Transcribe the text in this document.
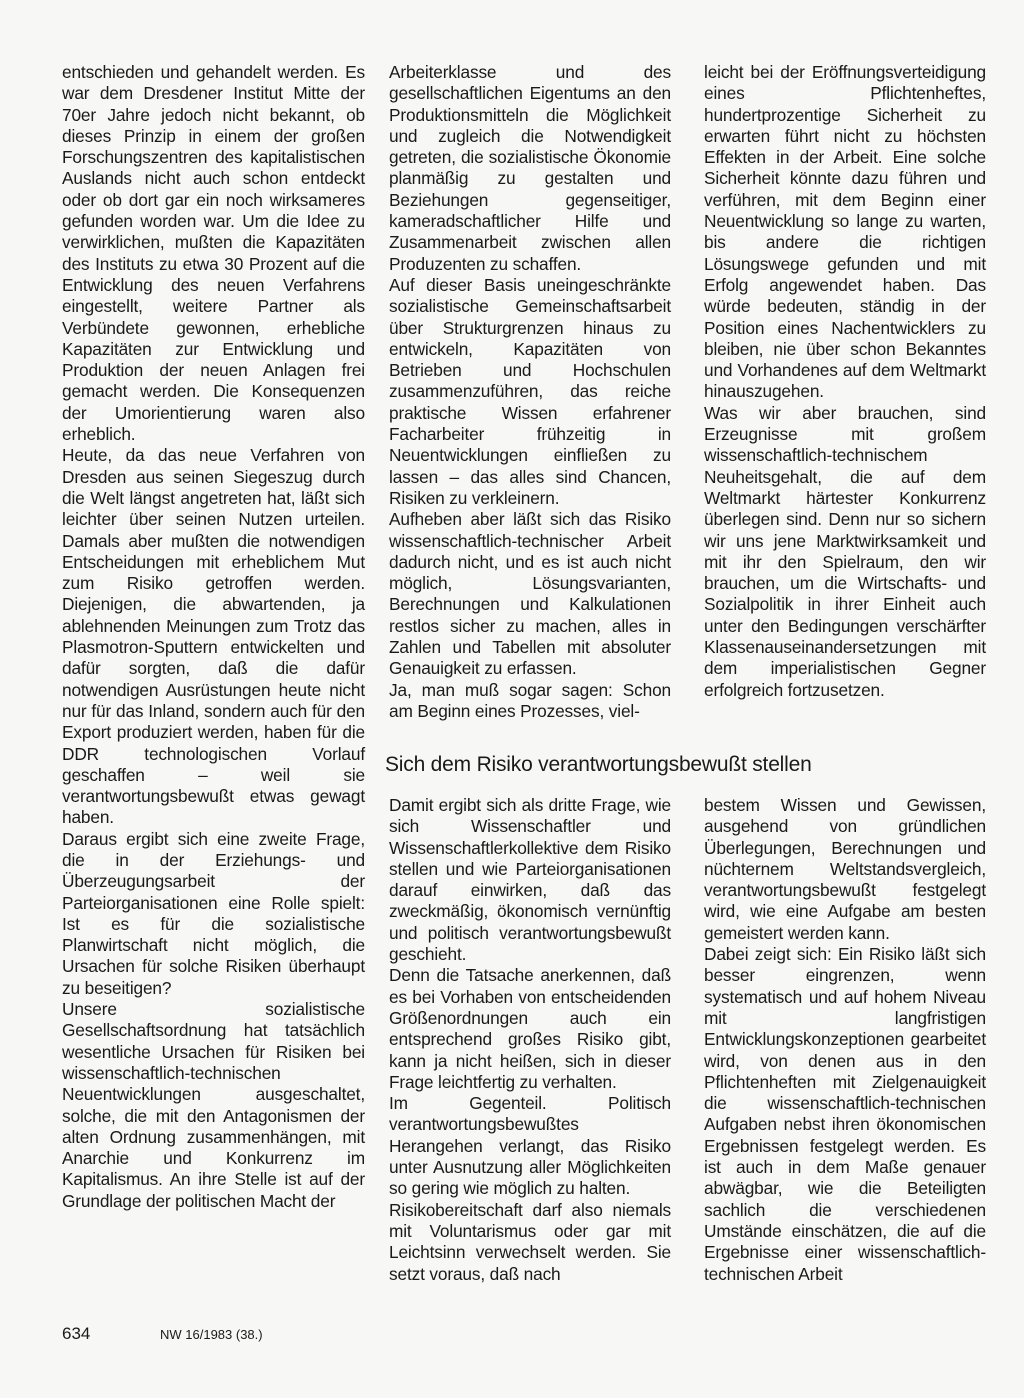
entschieden und gehandelt werden. Es war dem Dresdener Institut Mitte der 70er Jahre jedoch nicht bekannt, ob dieses Prinzip in einem der großen Forschungszentren des kapitalistischen Auslands nicht auch schon entdeckt oder ob dort gar ein noch wirksameres gefunden worden war. Um die Idee zu verwirklichen, mußten die Kapazitäten des Instituts zu etwa 30 Prozent auf die Entwicklung des neuen Verfahrens eingestellt, weitere Partner als Verbündete gewonnen, erhebliche Kapazitäten zur Entwicklung und Produktion der neuen Anlagen frei gemacht werden. Die Konsequenzen der Umorientierung waren also erheblich.

Heute, da das neue Verfahren von Dresden aus seinen Siegeszug durch die Welt längst angetreten hat, läßt sich leichter über seinen Nutzen urteilen. Damals aber mußten die notwendigen Entscheidungen mit erheblichem Mut zum Risiko getroffen werden. Diejenigen, die abwartenden, ja ablehnenden Meinungen zum Trotz das Plasmotron-Sputtern entwickelten und dafür sorgten, daß die dafür notwendigen Ausrüstungen heute nicht nur für das Inland, sondern auch für den Export produziert werden, haben für die DDR technologischen Vorlauf geschaffen – weil sie verantwortungsbewußt etwas gewagt haben.

Daraus ergibt sich eine zweite Frage, die in der Erziehungs- und Überzeugungsarbeit der Parteiorganisationen eine Rolle spielt: Ist es für die sozialistische Planwirtschaft nicht möglich, die Ursachen für solche Risiken überhaupt zu beseitigen?

Unsere sozialistische Gesellschaftsordnung hat tatsächlich wesentliche Ursachen für Risiken bei wissenschaftlich-technischen Neuentwicklungen ausgeschaltet, solche, die mit den Antagonismen der alten Ordnung zusammenhängen, mit Anarchie und Konkurrenz im Kapitalismus. An ihre Stelle ist auf der Grundlage der politischen Macht der

Arbeiterklasse und des gesellschaftlichen Eigentums an den Produktionsmitteln die Möglichkeit und zugleich die Notwendigkeit getreten, die sozialistische Ökonomie planmäßig zu gestalten und Beziehungen gegenseitiger, kameradschaftlicher Hilfe und Zusammenarbeit zwischen allen Produzenten zu schaffen.

Auf dieser Basis uneingeschränkte sozialistische Gemeinschaftsarbeit über Strukturgrenzen hinaus zu entwickeln, Kapazitäten von Betrieben und Hochschulen zusammenzuführen, das reiche praktische Wissen erfahrener Facharbeiter frühzeitig in Neuentwicklungen einfließen zu lassen – das alles sind Chancen, Risiken zu verkleinern.

Aufheben aber läßt sich das Risiko wissenschaftlich-technischer Arbeit dadurch nicht, und es ist auch nicht möglich, Lösungsvarianten, Berechnungen und Kalkulationen restlos sicher zu machen, alles in Zahlen und Tabellen mit absoluter Genauigkeit zu erfassen.

Ja, man muß sogar sagen: Schon am Beginn eines Prozesses, viel-

leicht bei der Eröffnungsverteidigung eines Pflichtenheftes, hundertprozentige Sicherheit zu erwarten führt nicht zu höchsten Effekten in der Arbeit. Eine solche Sicherheit könnte dazu führen und verführen, mit dem Beginn einer Neuentwicklung so lange zu warten, bis andere die richtigen Lösungswege gefunden und mit Erfolg angewendet haben. Das würde bedeuten, ständig in der Position eines Nachentwicklers zu bleiben, nie über schon Bekanntes und Vorhandenes auf dem Weltmarkt hinauszugehen.

Was wir aber brauchen, sind Erzeugnisse mit großem wissenschaftlich-technischem Neuheitsgehalt, die auf dem Weltmarkt härtester Konkurrenz überlegen sind. Denn nur so sichern wir uns jene Marktwirksamkeit und mit ihr den Spielraum, den wir brauchen, um die Wirtschafts- und Sozialpolitik in ihrer Einheit auch unter den Bedingungen verschärfter Klassenauseinandersetzungen mit dem imperialistischen Gegner erfolgreich fortzusetzen.

Sich dem Risiko verantwortungsbewußt stellen

Damit ergibt sich als dritte Frage, wie sich Wissenschaftler und Wissenschaftlerkollektive dem Risiko stellen und wie Parteiorganisationen darauf einwirken, daß das zweckmäßig, ökonomisch vernünftig und politisch verantwortungsbewußt geschieht.

Denn die Tatsache anerkennen, daß es bei Vorhaben von entscheidenden Größenordnungen auch ein entsprechend großes Risiko gibt, kann ja nicht heißen, sich in dieser Frage leichtfertig zu verhalten.

Im Gegenteil. Politisch verantwortungsbewußtes Herangehen verlangt, das Risiko unter Ausnutzung aller Möglichkeiten so gering wie möglich zu halten.

Risikobereitschaft darf also niemals mit Voluntarismus oder gar mit Leichtsinn verwechselt werden. Sie setzt voraus, daß nach

bestem Wissen und Gewissen, ausgehend von gründlichen Überlegungen, Berechnungen und nüchternem Weltstandsvergleich, verantwortungsbewußt festgelegt wird, wie eine Aufgabe am besten gemeistert werden kann.

Dabei zeigt sich: Ein Risiko läßt sich besser eingrenzen, wenn systematisch und auf hohem Niveau mit langfristigen Entwicklungskonzeptionen gearbeitet wird, von denen aus in den Pflichtenheften mit Zielgenauigkeit die wissenschaftlich-technischen Aufgaben nebst ihren ökonomischen Ergebnissen festgelegt werden. Es ist auch in dem Maße genauer abwägbar, wie die Beteiligten sachlich die verschiedenen Umstände einschätzen, die auf die Ergebnisse einer wissenschaftlich-technischen Arbeit

634	NW 16/1983 (38.)
